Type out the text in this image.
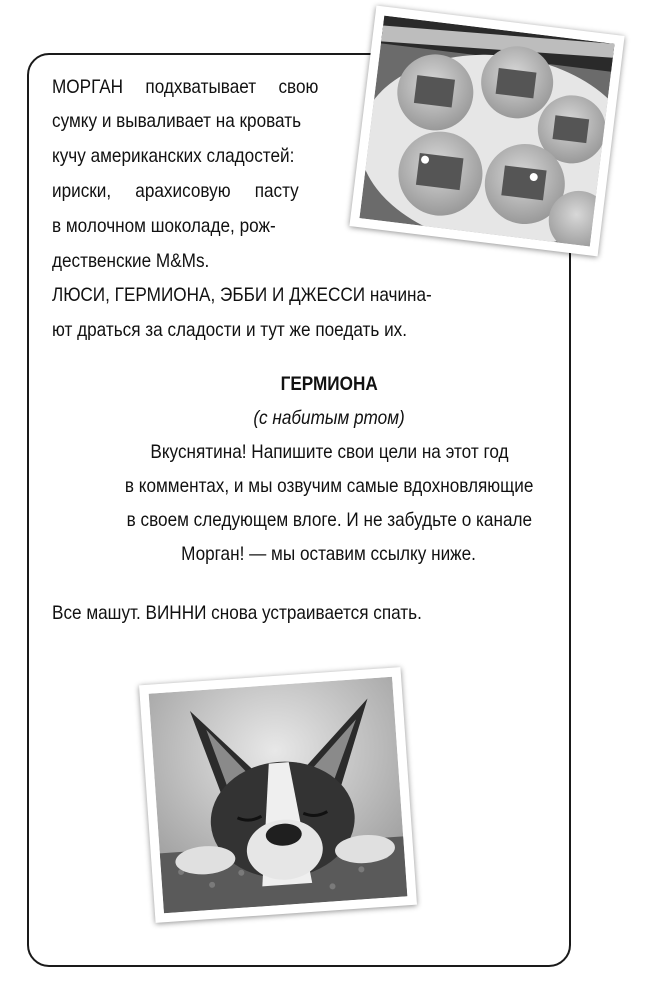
МОРГАН подхватывает свою

сумку и вываливает на кровать

кучу американских сладостей:

ириски, арахисовую пасту

в молочном шоколаде, рож-

дественские M&Ms.

ЛЮСИ, ГЕРМИОНА, ЭББИ И ДЖЕССИ начина-

ют драться за сладости и тут же поедать их.

ГЕРМИОНА

(с набитым ртом)

Вкуснятина! Напишите свои цели на этот год

в комментах, и мы озвучим самые вдохновляющие

в своем следующем влоге. И не забудьте о канале

Морган! — мы оставим ссылку ниже.

Все машут. ВИННИ снова устраивается спать.
